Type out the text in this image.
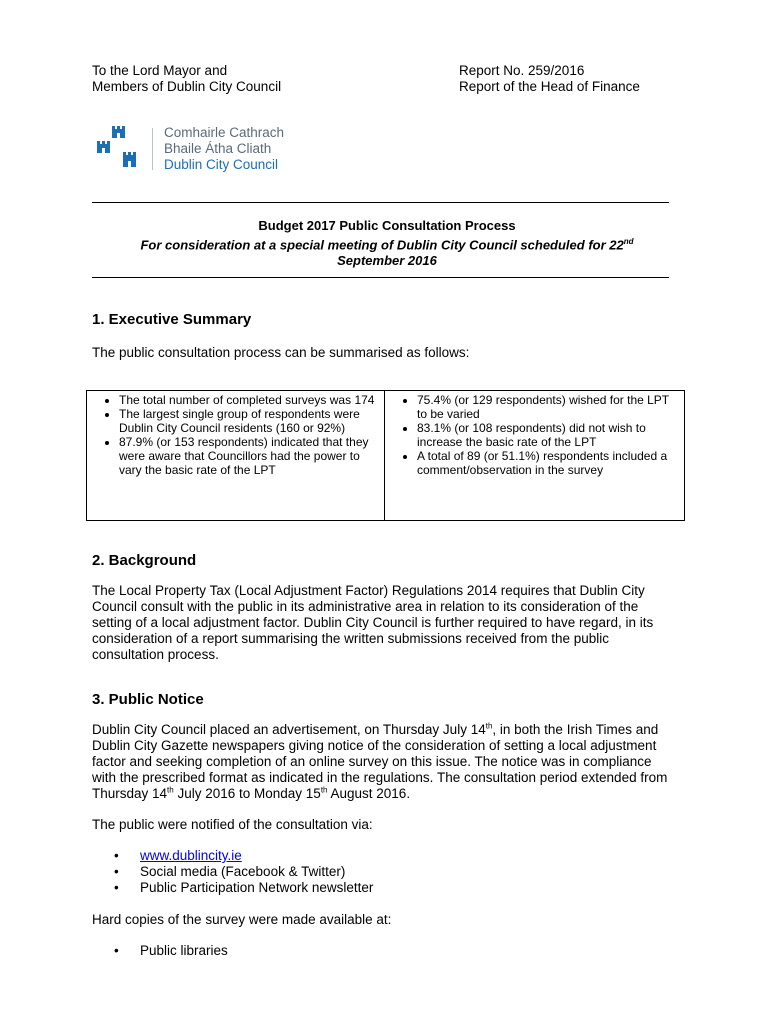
To the Lord Mayor and
Members of Dublin City Council
Report No. 259/2016
Report of the Head of Finance
Comhairle Cathrach
Bhaile Átha Cliath
Dublin City Council
Budget 2017 Public Consultation Process
For consideration at a special meeting of Dublin City Council scheduled for 22nd
September 2016
1. Executive Summary
The public consultation process can be summarised as follows:
• The total number of completed surveys was 174
• The largest single group of respondents were Dublin City Council residents (160 or 92%)
• 87.9% (or 153 respondents) indicated that they were aware that Councillors had the power to vary the basic rate of the LPT

• 75.4% (or 129 respondents) wished for the LPT to be varied
• 83.1% (or 108 respondents) did not wish to increase the basic rate of the LPT
• A total of 89 (or 51.1%) respondents included a comment/observation in the survey
2. Background
The Local Property Tax (Local Adjustment Factor) Regulations 2014 requires that Dublin City Council consult with the public in its administrative area in relation to its consideration of the setting of a local adjustment factor. Dublin City Council is further required to have regard, in its consideration of a report summarising the written submissions received from the public consultation process.
3. Public Notice
Dublin City Council placed an advertisement, on Thursday July 14th, in both the Irish Times and Dublin City Gazette newspapers giving notice of the consideration of setting a local adjustment factor and seeking completion of an online survey on this issue. The notice was in compliance with the prescribed format as indicated in the regulations. The consultation period extended from Thursday 14th July 2016 to Monday 15th August 2016.
The public were notified of the consultation via:
• www.dublincity.ie
• Social media (Facebook & Twitter)
• Public Participation Network newsletter
Hard copies of the survey were made available at:
• Public libraries
